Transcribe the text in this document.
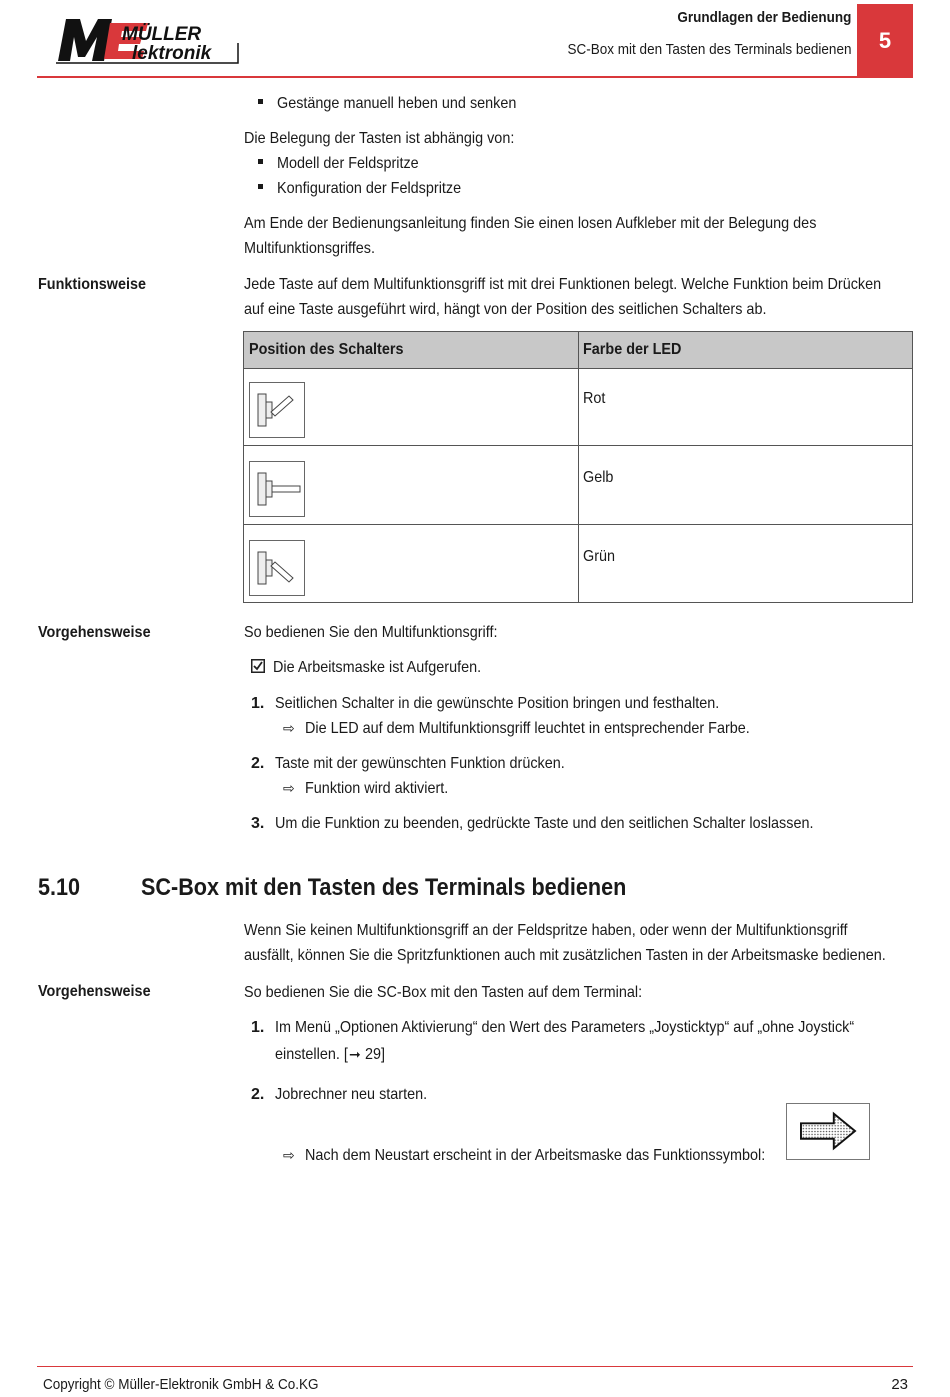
MÜLLER
lektronik
Grundlagen der Bedienung
SC-Box mit den Tasten des Terminals bedienen 5
Gestänge manuell heben und senken
Die Belegung der Tasten ist abhängig von:
Modell der Feldspritze
Konfiguration der Feldspritze
Am Ende der Bedienungsanleitung finden Sie einen losen Aufkleber mit der Belegung des
Multifunktionsgriffes.
Funktionsweise	Jede Taste auf dem Multifunktionsgriff ist mit drei Funktionen belegt. Welche Funktion beim Drücken
auf eine Taste ausgeführt wird, hängt von der Position des seitlichen Schalters ab.
Position des Schalters	Farbe der LED
Rot
Gelb
Grün
Vorgehensweise	So bedienen Sie den Multifunktionsgriff:
Die Arbeitsmaske ist Aufgerufen.
1. Seitlichen Schalter in die gewünschte Position bringen und festhalten.
⇨ Die LED auf dem Multifunktionsgriff leuchtet in entsprechender Farbe.
2. Taste mit der gewünschten Funktion drücken.
⇨ Funktion wird aktiviert.
3. Um die Funktion zu beenden, gedrückte Taste und den seitlichen Schalter loslassen.
5.10	SC-Box mit den Tasten des Terminals bedienen
Wenn Sie keinen Multifunktionsgriff an der Feldspritze haben, oder wenn der Multifunktionsgriff
ausfällt, können Sie die Spritzfunktionen auch mit zusätzlichen Tasten in der Arbeitsmaske bedienen.
Vorgehensweise	So bedienen Sie die SC-Box mit den Tasten auf dem Terminal:
1. Im Menü „Optionen Aktivierung“ den Wert des Parameters „Joysticktyp“ auf „ohne Joystick“
einstellen. [➞ 29]
2. Jobrechner neu starten.
⇨ Nach dem Neustart erscheint in der Arbeitsmaske das Funktionssymbol:
Copyright © Müller-Elektronik GmbH & Co.KG	23
